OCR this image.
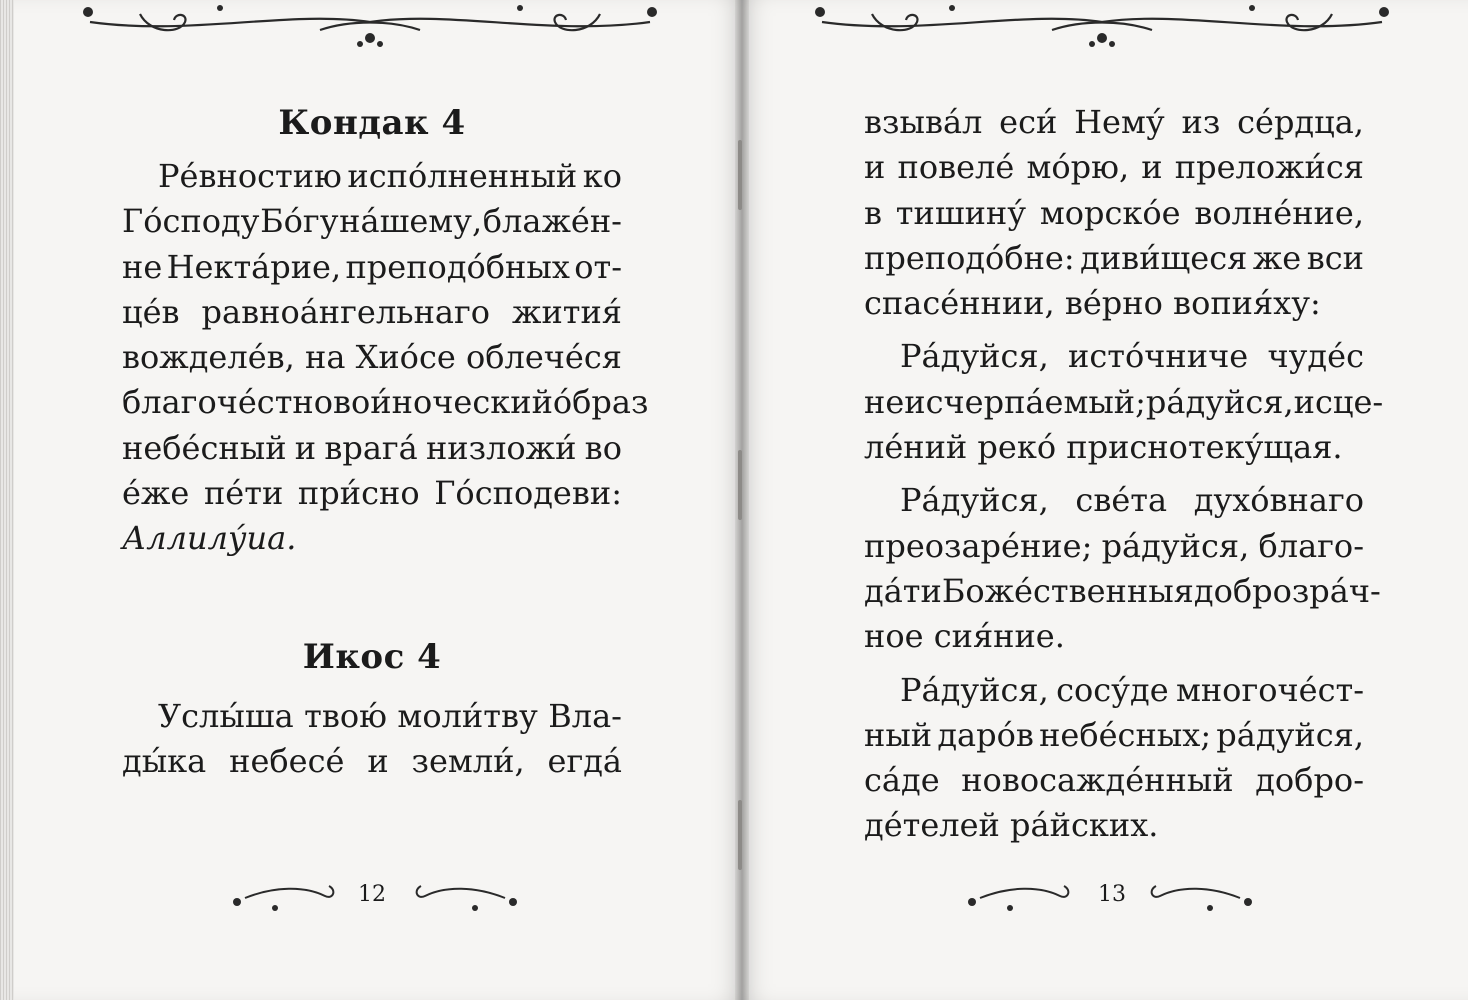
Кондак 4
Ре́вностию испо́лненный ко
Го́споду Бо́гу на́шему, блаже́н-
не Некта́рие, преподо́бных от-
це́в равноа́нгельнаго жития́
вожделе́в, на Хио́се облече́ся
благоче́стно во и́ночеcкий о́браз
небе́сный и врага́ низложи́ во
е́же пе́ти при́сно Го́сподеви:
Аллилу́иа.
Икос 4
Услы́ша твою́ моли́тву Вла-
ды́ка небесе́ и земли́, егда́
12
взыва́л еси́ Нему́ из се́рдца,
и повеле́ мо́рю, и преложи́ся
в тишину́ морско́е волне́ние,
преподо́бне: диви́щеся же вси
спасе́ннии, ве́рно вопия́ху:
Ра́дуйся, исто́чниче чуде́с
неисчерпа́емый; ра́дуйся, исце-
ле́ний реко́ приснотеку́щая.
Ра́дуйся, све́та духо́внаго
преозаре́ние; ра́дуйся, благо-
да́ти Боже́ственныя доброзра́ч-
ное сия́ние.
Ра́дуйся, сосу́де многоче́ст-
ный даро́в небе́сных; ра́дуйся,
са́де новосажде́нный добро-
де́телей ра́йских.
13
